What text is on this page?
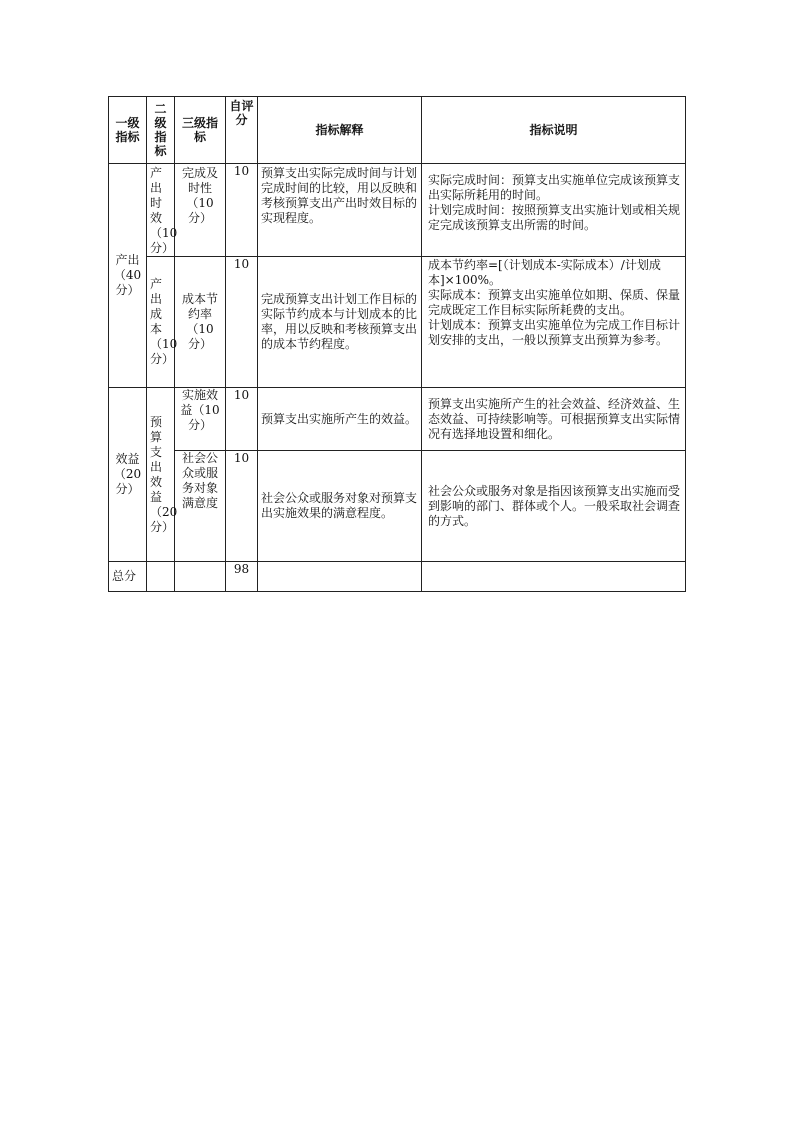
一级指标	二级指标	三级指标	自评分	指标解释	指标说明
产出（40分）	产出时效（10分）	完成及时性（10分）	10	预算支出实际完成时间与计划完成时间的比较，用以反映和考核预算支出产出时效目标的实现程度。	实际完成时间：预算支出实施单位完成该预算支出实际所耗用的时间。
计划完成时间：按照预算支出实施计划或相关规定完成该预算支出所需的时间。
	产出成本（10分）	成本节约率（10分）	10	完成预算支出计划工作目标的实际节约成本与计划成本的比率，用以反映和考核预算支出的成本节约程度。	成本节约率=[（计划成本-实际成本）/计划成本]×100%。
实际成本：预算支出实施单位如期、保质、保量完成既定工作目标实际所耗费的支出。
计划成本：预算支出实施单位为完成工作目标计划安排的支出，一般以预算支出预算为参考。
效益（20分）	预算支出效益（20分）	实施效益（10分）	10	预算支出实施所产生的效益。	预算支出实施所产生的社会效益、经济效益、生态效益、可持续影响等。可根据预算支出实际情况有选择地设置和细化。
		社会公众或服务对象满意度	10	社会公众或服务对象对预算支出实施效果的满意程度。	社会公众或服务对象是指因该预算支出实施而受到影响的部门、群体或个人。一般采取社会调查的方式。
总分			98		
